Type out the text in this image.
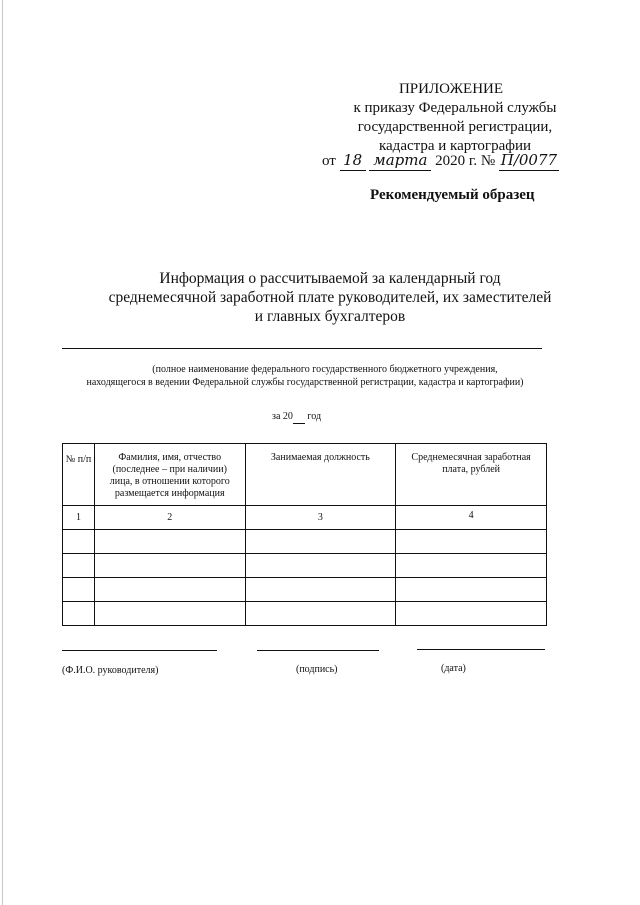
ПРИЛОЖЕНИЕ
к приказу Федеральной службы
государственной регистрации,
кадастра и картографии
от 18 марта 2020 г. № П/0077
Рекомендуемый образец
Информация о рассчитываемой за календарный год
среднемесячной заработной плате руководителей, их заместителей
и главных бухгалтеров
(полное наименование федерального государственного бюджетного учреждения,
находящегося в ведении Федеральной службы государственной регистрации, кадастра и картографии)
за 20 год
№ п/п	Фамилия, имя, отчество (последнее – при наличии) лица, в отношении которого размещается информация	Занимаемая должность	Среднемесячная заработная плата, рублей
1	2	3	4

(Ф.И.О. руководителя)	(подпись)	(дата)
